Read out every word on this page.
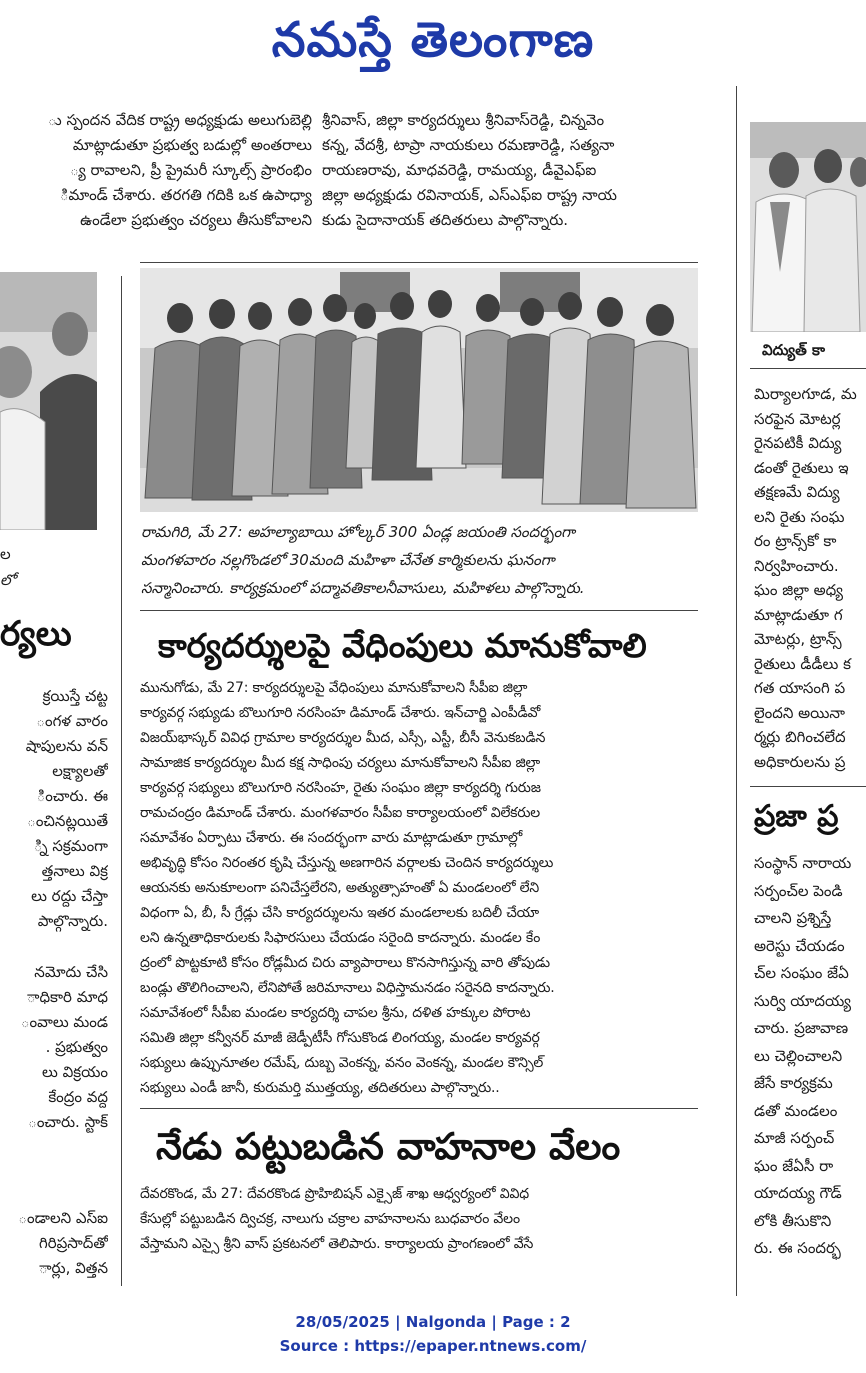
నమస్తే తెలంగాణ

ు స్పందన వేదిక రాష్ట్ర అధ్యక్షుడు అలుగుబెల్లి

మాట్లాడుతూ ప్రభుత్వ బడుల్లో అంతరాలు

్య రావాలని, ప్రీ ప్రైమరీ స్కూల్స్ ప్రారంభిం

ిమాండ్ చేశారు. తరగతి గదికి ఒక ఉపాధ్యా

ఉండేలా ప్రభుత్వం చర్యలు తీసుకోవాలని

ల
లో
ర్యలు

క్రయిస్తే చట్ట

ంగళ వారం

షాపులను వన్

లక్ష్యాలతో

ించారు. ఈ

ంచినట్లయితే

్ని సక్రమంగా

త్తనాలు విక్ర

లు రద్దు చేస్తా

పాల్గొన్నారు.

నమోదు చేసి

ాధికారి మాధ

ంవాలు మండ

. ప్రభుత్వం

లు విక్రయం

కేంద్రం వద్ద

ంచారు. స్టాక్

ండాలని ఎస్ఐ

గిరిప్రసాద్‌తో

ార్లు, విత్తన

శ్రీనివాస్, జిల్లా కార్యదర్శులు శ్రీనివాస్‌రెడ్డి, చిన్నవెం

కన్న, వేదశ్రీ, టాప్రా నాయకులు రమణారెడ్డి, సత్యనా

రాయణరావు, మాధవరెడ్డి, రామయ్య, డీవైఎఫ్ఐ

జిల్లా అధ్యక్షుడు రవినాయక్, ఎస్ఎఫ్ఐ రాష్ట్ర నాయ

కుడు సైదానాయక్ తదితరులు పాల్గొన్నారు.

రామగిరి, మే 27: అహల్యాబాయి హోల్కర్ 300 ఏండ్ల జయంతి సందర్భంగా

మంగళవారం నల్లగొండలో 30మంది మహిళా చేనేత కార్మికులను ఘనంగా

సన్మానించారు. కార్యక్రమంలో పద్మావతికాలనీవాసులు, మహిళలు పాల్గొన్నారు.

కార్యదర్శులపై వేధింపులు మానుకోవాలి

మునుగోడు, మే 27: కార్యదర్శులపై వేధింపులు మానుకోవాలని సీపీఐ జిల్లా

కార్యవర్గ సభ్యుడు బొలుగూరి నరసింహ డిమాండ్ చేశారు. ఇన్‌చార్జి ఎంపీడీవో

విజయ్‌భాస్కర్ వివిధ గ్రామాల కార్యదర్శుల మీద, ఎస్సీ, ఎస్టీ, బీసీ వెనుకబడిన

సామాజిక కార్యదర్శుల మీద కక్ష సాధింపు చర్యలు మానుకోవాలని సీపీఐ జిల్లా

కార్యవర్గ సభ్యులు బొలుగూరి నరసింహ, రైతు సంఘం జిల్లా కార్యదర్శి గురుజ

రామచంద్రం డిమాండ్ చేశారు. మంగళవారం సీపీఐ కార్యాలయంలో విలేకరుల

సమావేశం ఏర్పాటు చేశారు. ఈ సందర్భంగా వారు మాట్లాడుతూ గ్రామాల్లో

అభివృద్ధి కోసం నిరంతర కృషి చేస్తున్న అణగారిన వర్గాలకు చెందిన కార్యదర్శులు

ఆయనకు అనుకూలంగా పనిచేస్తలేరని, అత్యుత్సాహంతో ఏ మండలంలో లేని

విధంగా ఏ, బీ, సీ గ్రేడ్లు చేసి కార్యదర్శులను ఇతర మండలాలకు బదిలీ చేయా

లని ఉన్నతాధికారులకు సిఫారసులు చేయడం సరైంది కాదన్నారు. మండల కేం

ద్రంలో పొట్టకూటి కోసం రోడ్లమీద చిరు వ్యాపారాలు కొనసాగిస్తున్న వారి తోపుడు

బండ్లు తొలిగించాలని, లేనిపోతే జరిమానాలు విధిస్తామనడం సరైనది కాదన్నారు.

సమావేశంలో సీపీఐ మండల కార్యదర్శి చాపల శ్రీను, దళిత హక్కుల పోరాట

సమితి జిల్లా కన్వీనర్ మాజీ జెడ్పీటీసీ గోసుకొండ లింగయ్య, మండల కార్యవర్గ

సభ్యులు ఉప్పునూతల రమేష్, దుబ్బ వెంకన్న, వనం వెంకన్న, మండల కౌన్సిల్

సభ్యులు ఎండీ జానీ, కురుమర్తి ముత్తయ్య, తదితరులు పాల్గొన్నారు..

నేడు పట్టుబడిన వాహనాల వేలం

దేవరకొండ, మే 27: దేవరకొండ ప్రొహిబిషన్ ఎక్సైజ్ శాఖ ఆధ్వర్యంలో వివిధ

కేసుల్లో పట్టుబడిన ద్విచక్ర, నాలుగు చక్రాల వాహనాలను బుధవారం వేలం

వేస్తామని ఎస్సై శ్రీని వాస్ ప్రకటనలో తెలిపారు. కార్యాలయ ప్రాంగణంలో వేసే

విద్యుత్ కా

మిర్యాలగూడ, మ

సరఫైన మోటర్ల

రైనపటికీ విద్యు

డంతో రైతులు ఇ

తక్షణమే విద్యు

లని రైతు సంఘ

రం ట్రాన్స్‌కో కా

నిర్వహించారు.

ఘం జిల్లా అధ్య

మాట్లాడుతూ గ

మోటర్లు, ట్రాన్స్

రైతులు డీడీలు క

గత యాసంగి ప

లైందని అయినా

ర్మర్లు బిగించలేద

అధికారులను ప్ర

ప్రజా ప్ర

సంస్థాన్ నారాయ

సర్పంచ్‌ల పెండి

చాలని ప్రశ్నిస్తే

అరెస్టు చేయడం

చ్‌ల సంఘం జేఏ

సుర్వి యాదయ్య

చారు. ప్రజావాణ

లు చెల్లించాలని

జేసే కార్యక్రమ

డతో మండలం

మాజీ సర్పంచ్

ఘం జేఏసీ రా

యాదయ్య గౌడ్

లోకి తీసుకొని

రు. ఈ సందర్భ

28/05/2025 | Nalgonda | Page : 2
Source : https://epaper.ntnews.com/
